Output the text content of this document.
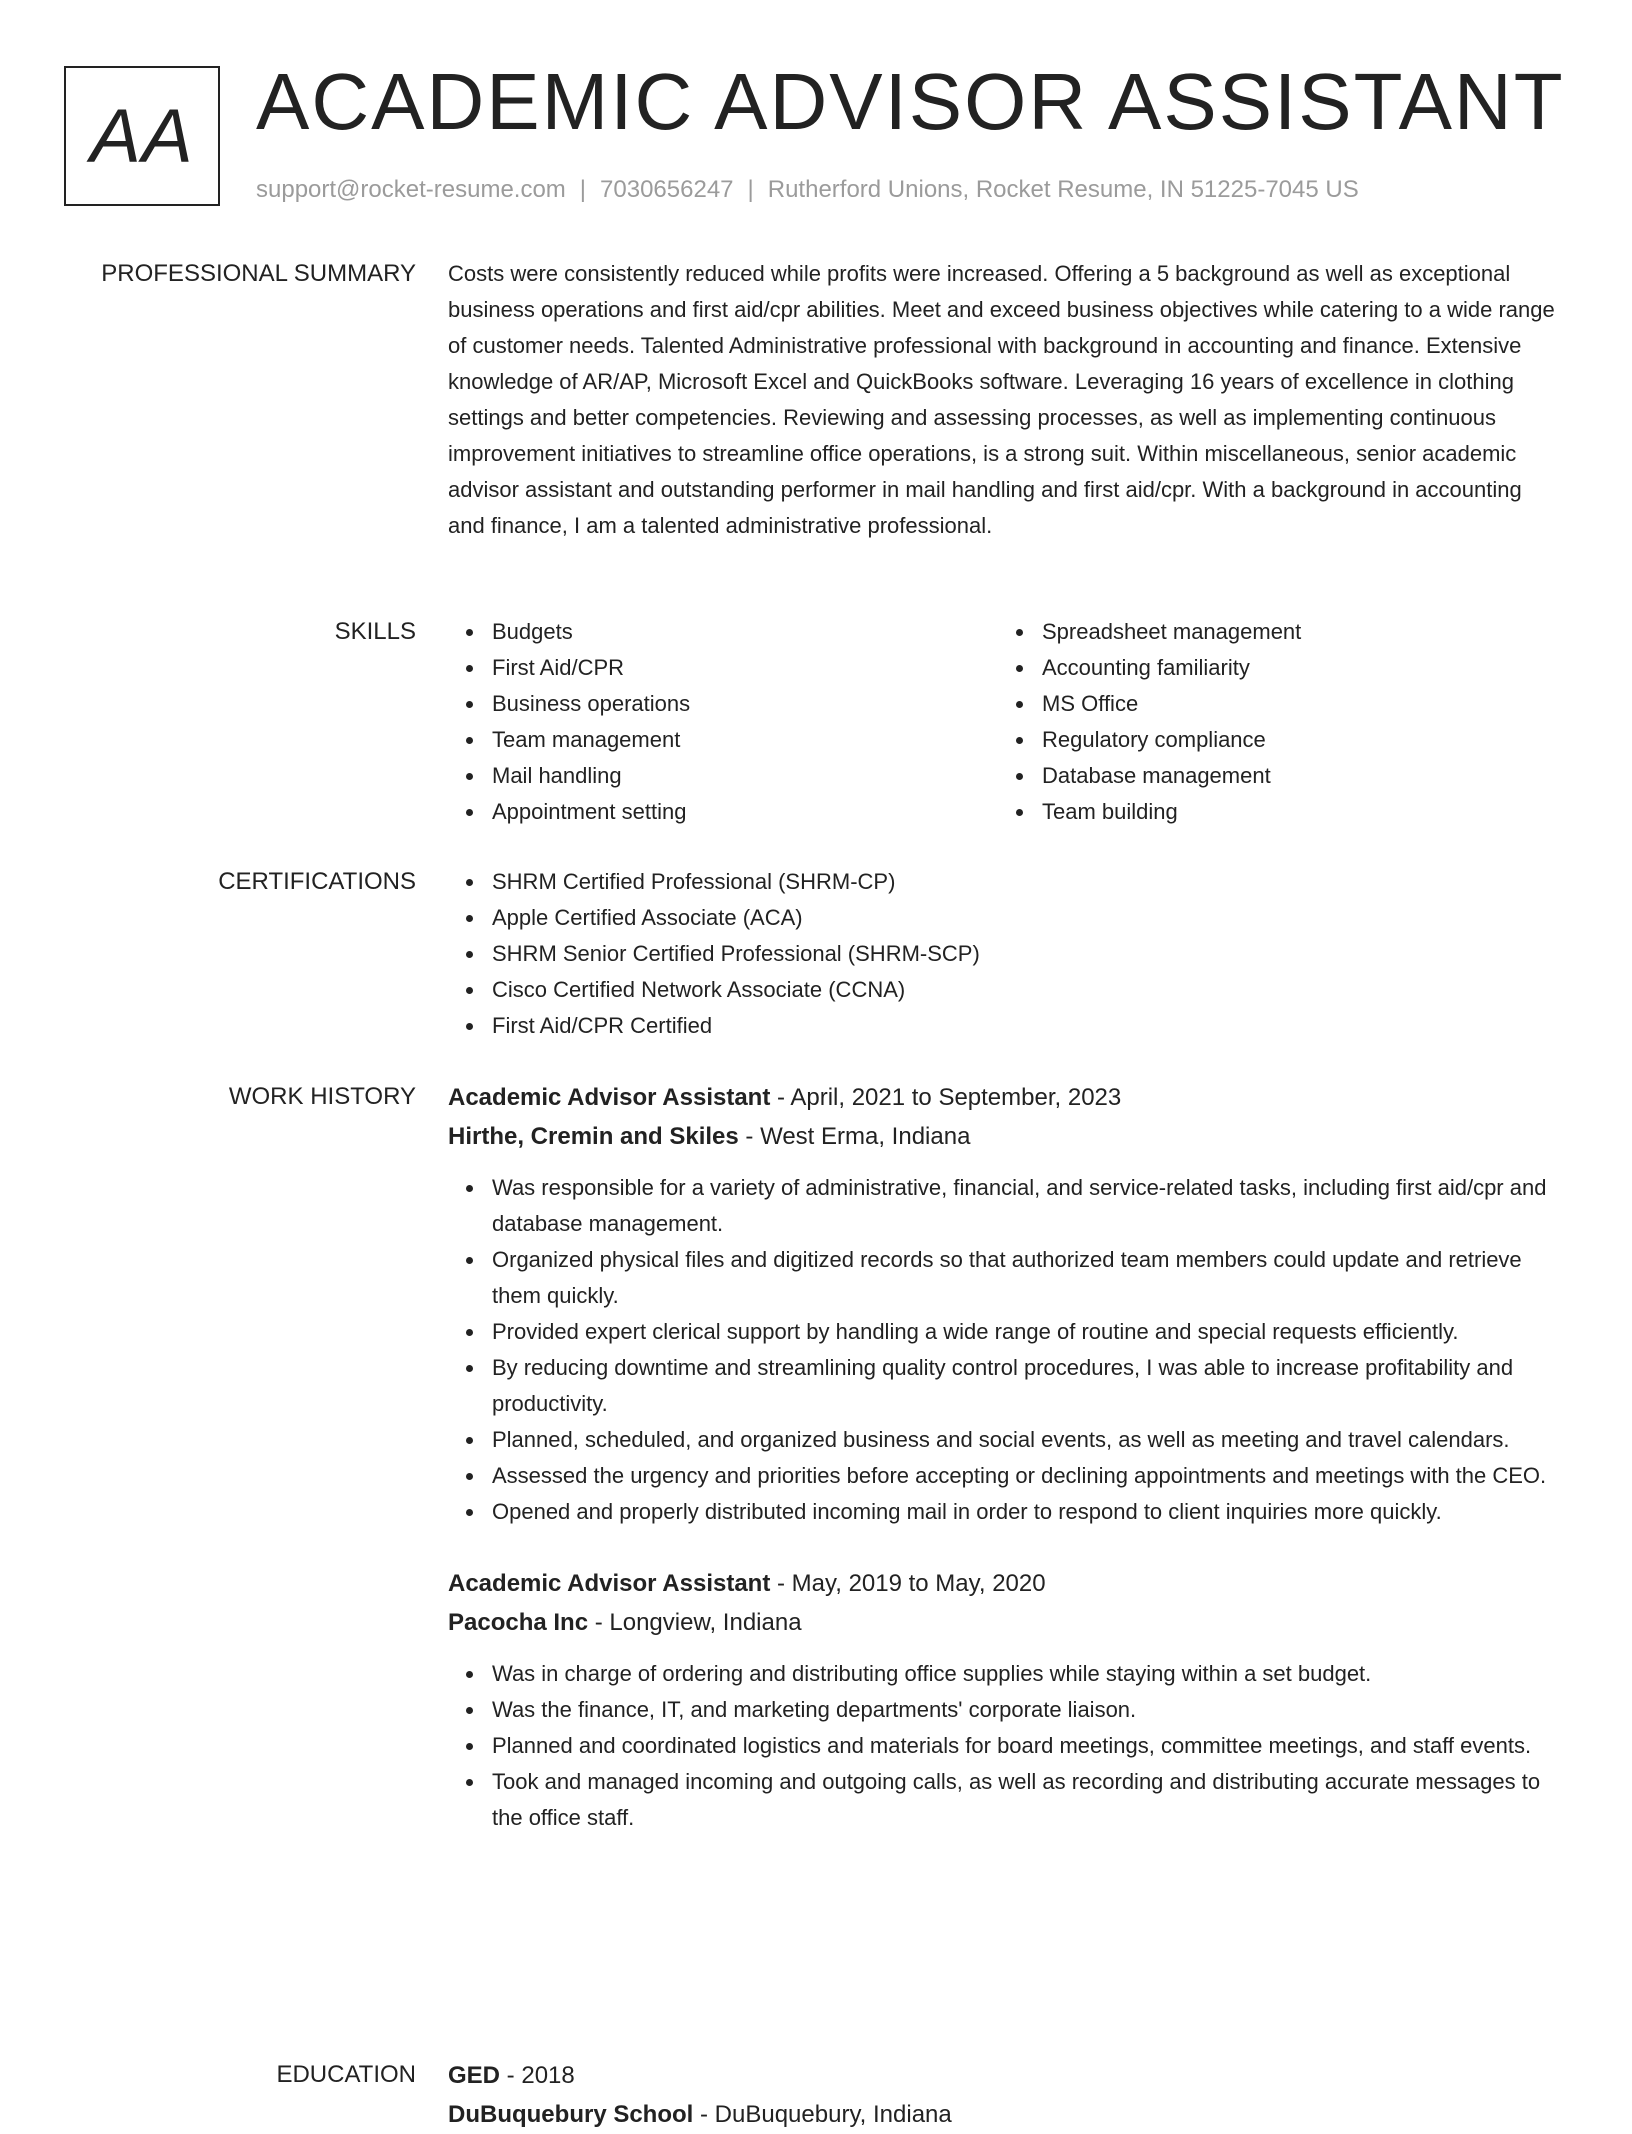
AA ACADEMIC ADVISOR ASSISTANT
support@rocket-resume.com | 7030656247 | Rutherford Unions, Rocket Resume, IN 51225-7045 US
PROFESSIONAL SUMMARY Costs were consistently reduced while profits were increased. Offering a 5 background as well as exceptional business operations and first aid/cpr abilities. Meet and exceed business objectives while catering to a wide range of customer needs. Talented Administrative professional with background in accounting and finance. Extensive knowledge of AR/AP, Microsoft Excel and QuickBooks software. Leveraging 16 years of excellence in clothing settings and better competencies. Reviewing and assessing processes, as well as implementing continuous improvement initiatives to streamline office operations, is a strong suit. Within miscellaneous, senior academic advisor assistant and outstanding performer in mail handling and first aid/cpr. With a background in accounting and finance, I am a talented administrative professional.

SKILLS	Budgets
First Aid/CPR
Business operations
Team management
Mail handling
Appointment setting
Spreadsheet management
Accounting familiarity
MS Office
Regulatory compliance
Database management
Team building
CERTIFICATIONS	SHRM Certified Professional (SHRM-CP)
Apple Certified Associate (ACA)
SHRM Senior Certified Professional (SHRM-SCP)
Cisco Certified Network Associate (CCNA)
First Aid/CPR Certified
WORK HISTORY Academic Advisor Assistant - April, 2021 to September, 2023
Hirthe, Cremin and Skiles - West Erma, Indiana
Was responsible for a variety of administrative, financial, and service-related tasks, including first aid/cpr and database management.
Organized physical files and digitized records so that authorized team members could update and retrieve them quickly.
Provided expert clerical support by handling a wide range of routine and special requests efficiently.
By reducing downtime and streamlining quality control procedures, I was able to increase profitability and productivity.
Planned, scheduled, and organized business and social events, as well as meeting and travel calendars.
Assessed the urgency and priorities before accepting or declining appointments and meetings with the CEO.
Opened and properly distributed incoming mail in order to respond to client inquiries more quickly.
Academic Advisor Assistant - May, 2019 to May, 2020
Pacocha Inc - Longview, Indiana
Was in charge of ordering and distributing office supplies while staying within a set budget.
Was the finance, IT, and marketing departments' corporate liaison.
Planned and coordinated logistics and materials for board meetings, committee meetings, and staff events.
Took and managed incoming and outgoing calls, as well as recording and distributing accurate messages to the office staff.
EDUCATION GED - 2018
DuBuquebury School - DuBuquebury, Indiana
